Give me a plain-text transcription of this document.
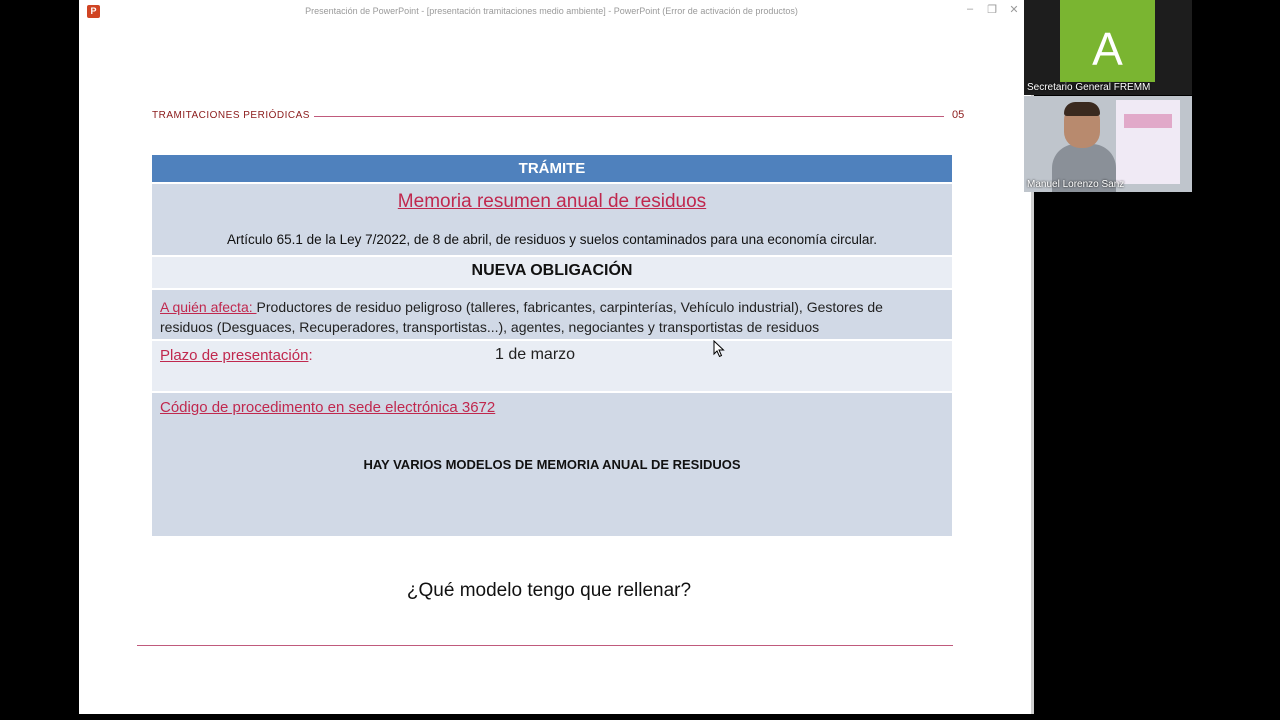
P	Presentación de PowerPoint - [presentación tramitaciones medio ambiente] - PowerPoint (Error de activación de productos)	– ❐ ✕
TRAMITACIONES PERIÓDICAS	05
TRÁMITE
Memoria resumen anual de residuos
Artículo 65.1 de la Ley 7/2022, de 8 de abril, de residuos y suelos contaminados para una economía circular.
NUEVA OBLIGACIÓN
A quién afecta: Productores de residuo peligroso (talleres, fabricantes, carpinterías, Vehículo industrial), Gestores de residuos (Desguaces, Recuperadores, transportistas...), agentes, negociantes y transportistas de residuos
Plazo de presentación:	1 de marzo
Código de procedimento en sede electrónica 3672
HAY VARIOS MODELOS DE MEMORIA ANUAL DE RESIDUOS
¿Qué modelo tengo que rellenar?
A
Secretario General FREMM
Manuel Lorenzo Sanz
